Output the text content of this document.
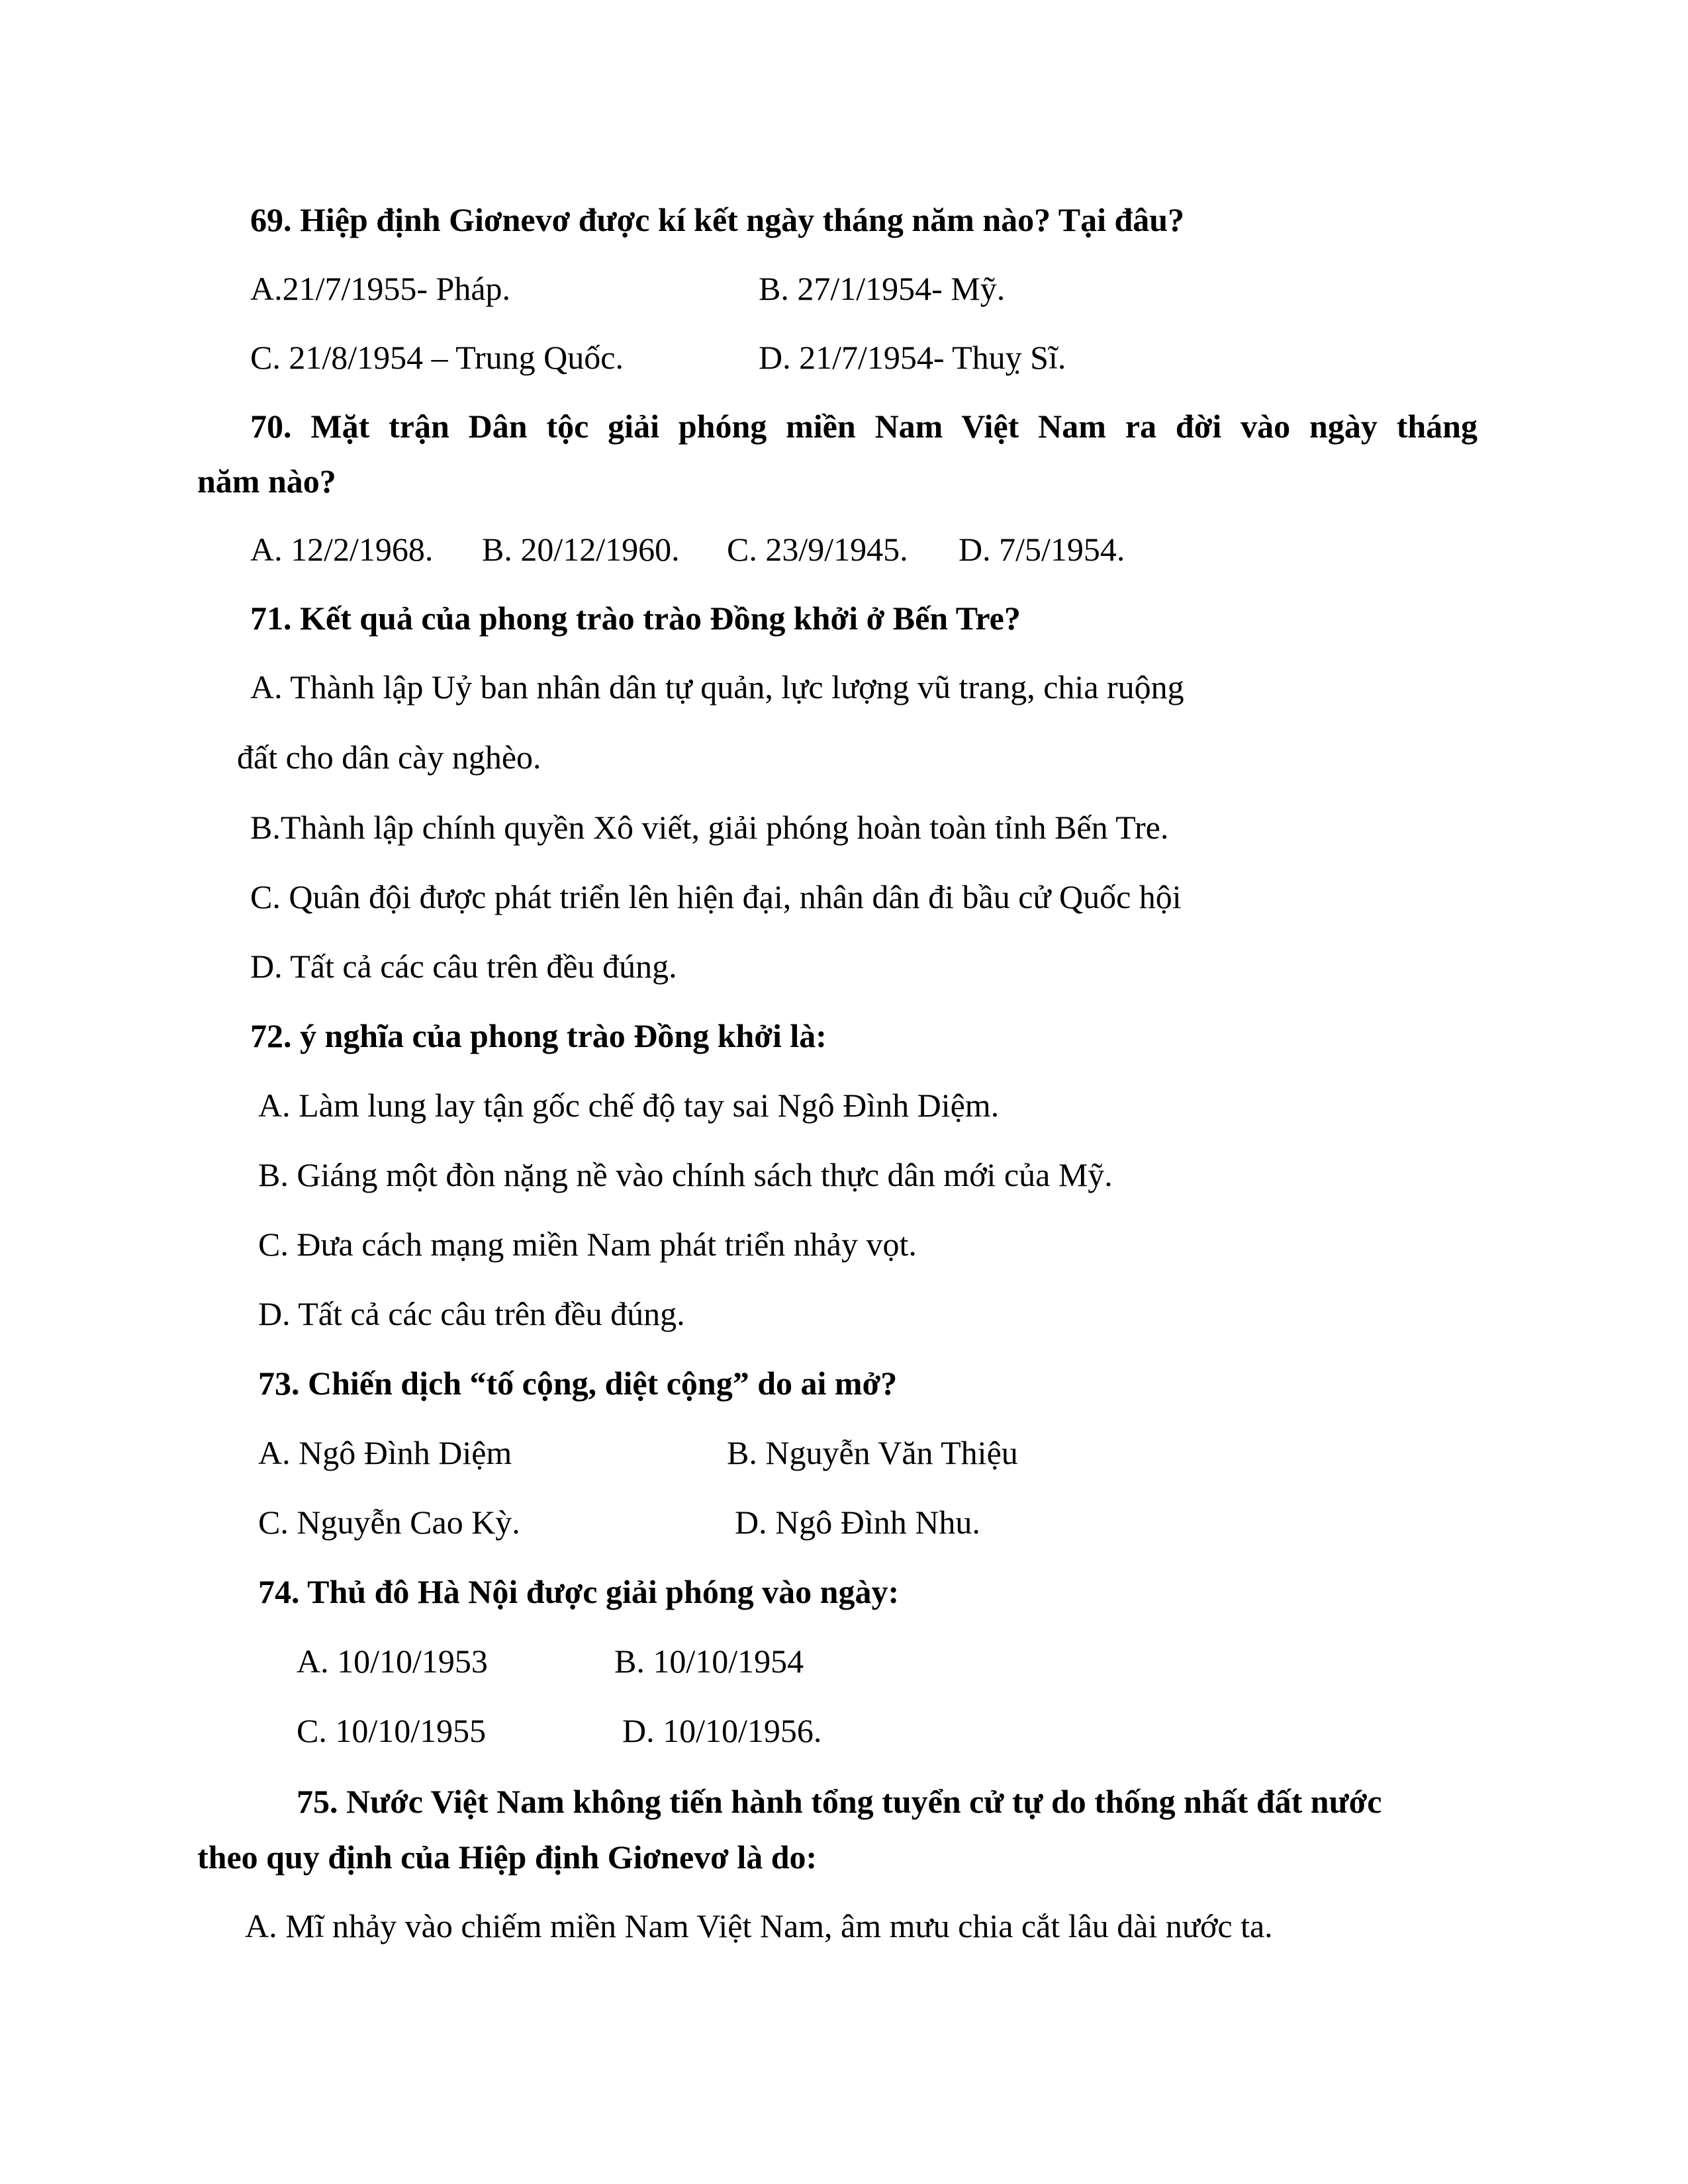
69. Hiệp định Giơnevơ được kí kết ngày tháng năm nào? Tại đâu?
A.21/7/1955- Pháp.	B. 27/1/1954- Mỹ.
C. 21/8/1954 – Trung Quốc.	D. 21/7/1954- Thuỵ Sĩ.
70. Mặt trận Dân tộc giải phóng miền Nam Việt Nam ra đời vào ngày tháng
năm nào?
A. 12/2/1968. B. 20/12/1960. C. 23/9/1945. D. 7/5/1954.
71. Kết quả của phong trào trào Đồng khởi ở Bến Tre?
A. Thành lập Uỷ ban nhân dân tự quản, lực lượng vũ trang, chia ruộng
đất cho dân cày nghèo.
B.Thành lập chính quyền Xô viết, giải phóng hoàn toàn tỉnh Bến Tre.
C. Quân đội được phát triển lên hiện đại, nhân dân đi bầu cử Quốc hội
D. Tất cả các câu trên đều đúng.
72. ý nghĩa của phong trào Đồng khởi là:
A. Làm lung lay tận gốc chế độ tay sai Ngô Đình Diệm.
B. Giáng một đòn nặng nề vào chính sách thực dân mới của Mỹ.
C. Đưa cách mạng miền Nam phát triển nhảy vọt.
D. Tất cả các câu trên đều đúng.
73. Chiến dịch “tố cộng, diệt cộng” do ai mở?
A. Ngô Đình Diệm	B. Nguyễn Văn Thiệu
C. Nguyễn Cao Kỳ.	D. Ngô Đình Nhu.
74. Thủ đô Hà Nội được giải phóng vào ngày:
A. 10/10/1953	B. 10/10/1954
C. 10/10/1955	D. 10/10/1956.
75. Nước Việt Nam không tiến hành tổng tuyển cử tự do thống nhất đất nước
theo quy định của Hiệp định Giơnevơ là do:
A. Mĩ nhảy vào chiếm miền Nam Việt Nam, âm mưu chia cắt lâu dài nước ta.
